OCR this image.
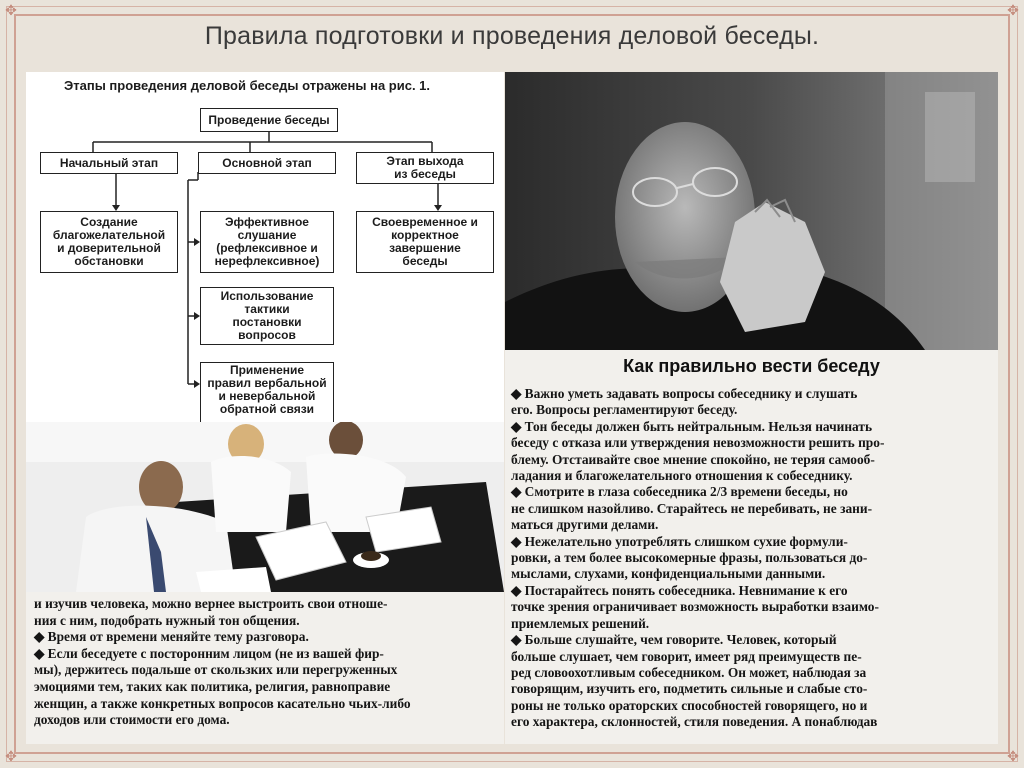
✥	✥
✥	✥
Правила подготовки и проведения деловой беседы.
Этапы проведения деловой беседы отражены на рис. 1.
Проведение беседы
Начальный этап	Основной этап	Этап выхода
из беседы
Создание
благожелательной
и доверительной
обстановки
Эффективное
слушание
(рефлексивное и
нерефлексивное)
Своевременное и
корректное
завершение
беседы
Использование
тактики
постановки
вопросов
Применение
правил вербальной
и невербальной
обратной связи
Как правильно вести беседу

◆ Важно уметь задавать вопросы собеседнику и слушать

его. Вопросы регламентируют беседу.

◆ Тон беседы должен быть нейтральным. Нельзя начинать

беседу с отказа или утверждения невозможности решить про-

блему. Отстаивайте свое мнение спокойно, не теряя самооб-

ладания и благожелательного отношения к собеседнику.

◆ Смотрите в глаза собеседника 2/3 времени беседы, но

не слишком назойливо. Старайтесь не перебивать, не зани-

маться другими делами.

◆ Нежелательно употреблять слишком сухие формули-

ровки, а тем более высокомерные фразы, пользоваться до-

мыслами, слухами, конфиденциальными данными.

◆ Постарайтесь понять собеседника. Невнимание к его

точке зрения ограничивает возможность выработки взаимо-

приемлемых решений.

◆ Больше слушайте, чем говорите. Человек, который

больше слушает, чем говорит, имеет ряд преимуществ пе-

ред словоохотливым собеседником. Он может, наблюдая за

говорящим, изучить его, подметить сильные и слабые сто-

роны не только ораторских способностей говорящего, но и

его характера, склонностей, стиля поведения. А понаблюдав

и изучив человека, можно вернее выстроить свои отноше-

ния с ним, подобрать нужный тон общения.

◆ Время от времени меняйте тему разговора.

◆ Если беседуете с посторонним лицом (не из вашей фир-

мы), держитесь подальше от скользких или перегруженных

эмоциями тем, таких как политика, религия, равноправие

женщин, а также конкретных вопросов касательно чьих-либо

доходов или стоимости его дома.
